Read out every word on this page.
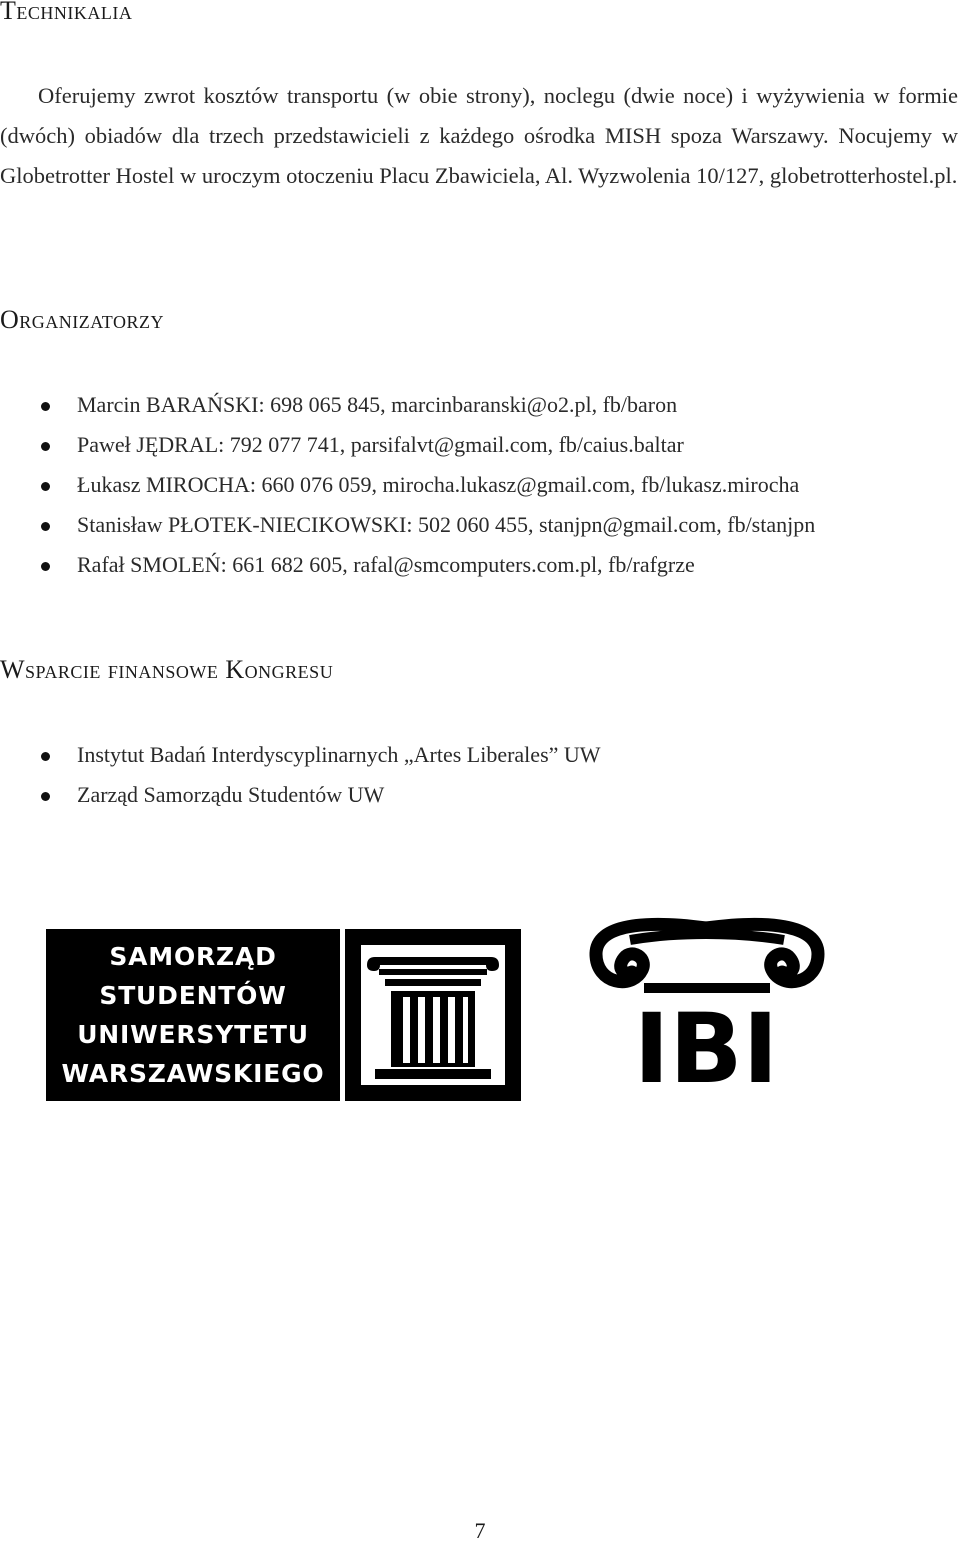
Technikalia

Oferujemy zwrot kosztów transportu (w obie strony), noclegu (dwie noce) i wyżywienia w formie (dwóch) obiadów dla trzech przedstawicieli z każdego ośrodka MISH spoza Warszawy. Nocujemy w Globetrotter Hostel w uroczym otoczeniu Placu Zbawiciela, Al. Wyzwolenia 10/127, globetrotterhostel.pl.

Organizatorzy
Marcin BARAŃSKI: 698 065 845, marcinbaranski@o2.pl, fb/baron
Paweł JĘDRAL: 792 077 741, parsifalvt@gmail.com, fb/caius.baltar
Łukasz MIROCHA: 660 076 059, mirocha.lukasz@gmail.com, fb/lukasz.mirocha
Stanisław PŁOTEK-NIECIKOWSKI: 502 060 455, stanjpn@gmail.com, fb/stanjpn
Rafał SMOLEŃ: 661 682 605, rafal@smcomputers.com.pl, fb/rafgrze
Wsparcie finansowe Kongresu
Instytut Badań Interdyscyplinarnych „Artes Liberales” UW
Zarząd Samorządu Studentów UW
SAMORZĄD
STUDENTÓW
UNIWERSYTETU
WARSZAWSKIEGO	IBI
7
